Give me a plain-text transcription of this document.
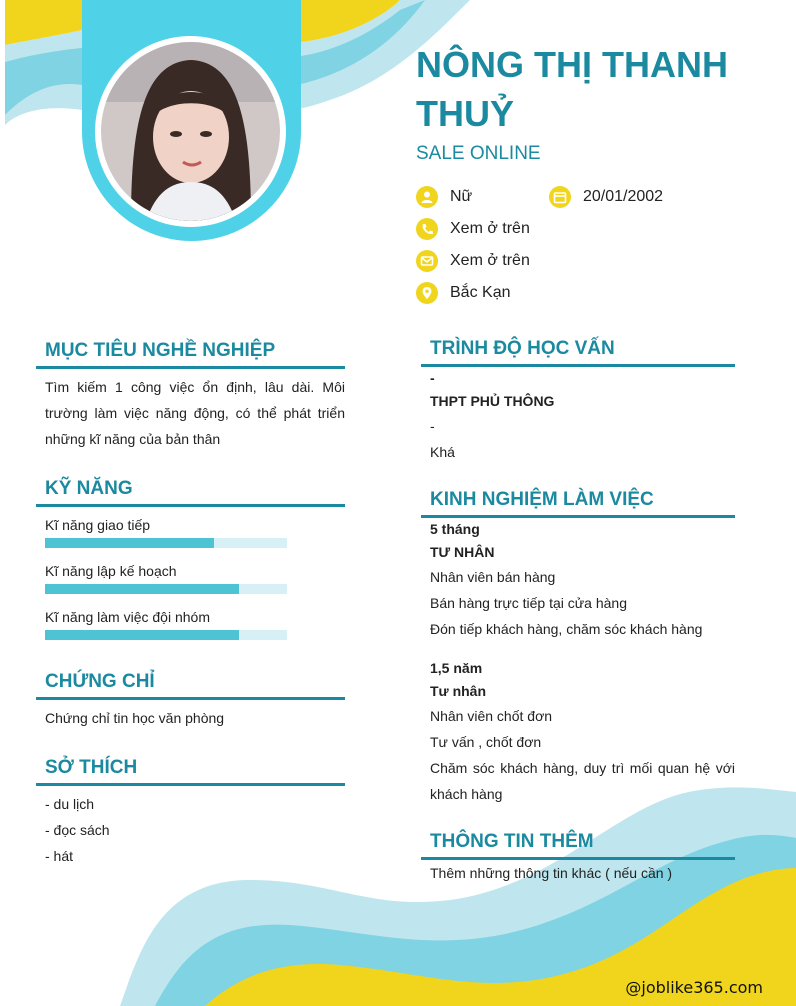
NÔNG THỊ THANH THUỶ
SALE ONLINE
Nữ	20/01/2002
Xem ở trên
Xem ở trên
Bắc Kạn
MỤC TIÊU NGHỀ NGHIỆP
Tìm kiếm 1 công việc ổn định, lâu dài. Môi trường làm việc năng động, có thể phát triển những kĩ năng của bản thân
KỸ NĂNG
Kĩ năng giao tiếp
Kĩ năng lập kế hoạch
Kĩ năng làm việc đội nhóm
CHỨNG CHỈ
Chứng chỉ tin học văn phòng
SỞ THÍCH
- du lịch
- đọc sách
- hát
TRÌNH ĐỘ HỌC VẤN
-
THPT PHỦ THÔNG
-
Khá
KINH NGHIỆM LÀM VIỆC
5 tháng
TƯ NHÂN
Nhân viên bán hàng
Bán hàng trực tiếp tại cửa hàng
Đón tiếp khách hàng, chăm sóc khách hàng
1,5 năm
Tư nhân
Nhân viên chốt đơn
Tư vấn , chốt đơn
Chăm sóc khách hàng, duy trì mối quan hệ với khách hàng
THÔNG TIN THÊM
Thêm những thông tin khác ( nếu cần )
@joblike365.com
